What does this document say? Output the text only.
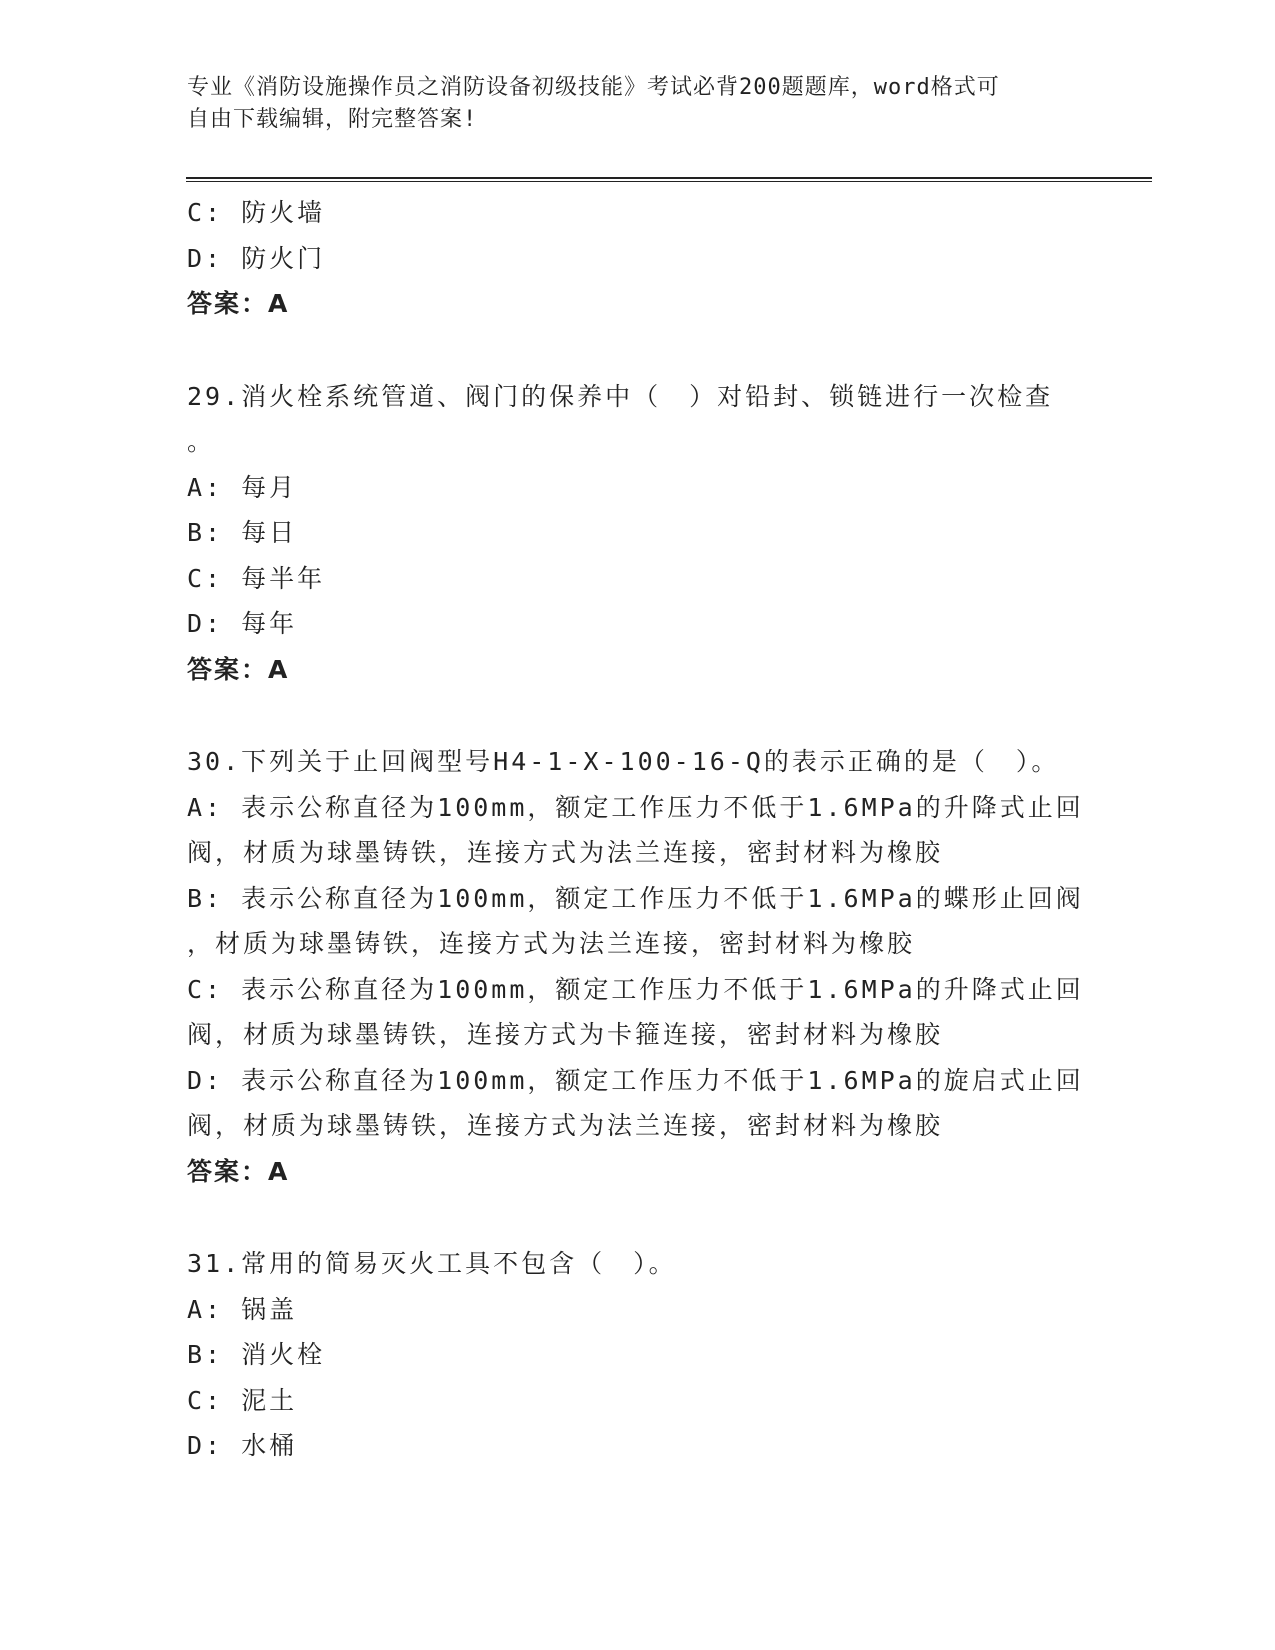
专业《消防设施操作员之消防设备初级技能》考试必背200题题库，word格式可
自由下载编辑，附完整答案!
C: 防火墙
D: 防火门
答案：A
29.消火栓系统管道、阀门的保养中（　）对铅封、锁链进行一次检查
。
A: 每月
B: 每日
C: 每半年
D: 每年
答案：A
30.下列关于止回阀型号H4-1-X-100-16-Q的表示正确的是（　）。
A: 表示公称直径为100mm，额定工作压力不低于1.6MPa的升降式止回
阀，材质为球墨铸铁，连接方式为法兰连接，密封材料为橡胶
B: 表示公称直径为100mm，额定工作压力不低于1.6MPa的蝶形止回阀
，材质为球墨铸铁，连接方式为法兰连接，密封材料为橡胶
C: 表示公称直径为100mm，额定工作压力不低于1.6MPa的升降式止回
阀，材质为球墨铸铁，连接方式为卡箍连接，密封材料为橡胶
D: 表示公称直径为100mm，额定工作压力不低于1.6MPa的旋启式止回
阀，材质为球墨铸铁，连接方式为法兰连接，密封材料为橡胶
答案：A
31.常用的简易灭火工具不包含（　）。
A: 锅盖
B: 消火栓
C: 泥土
D: 水桶
